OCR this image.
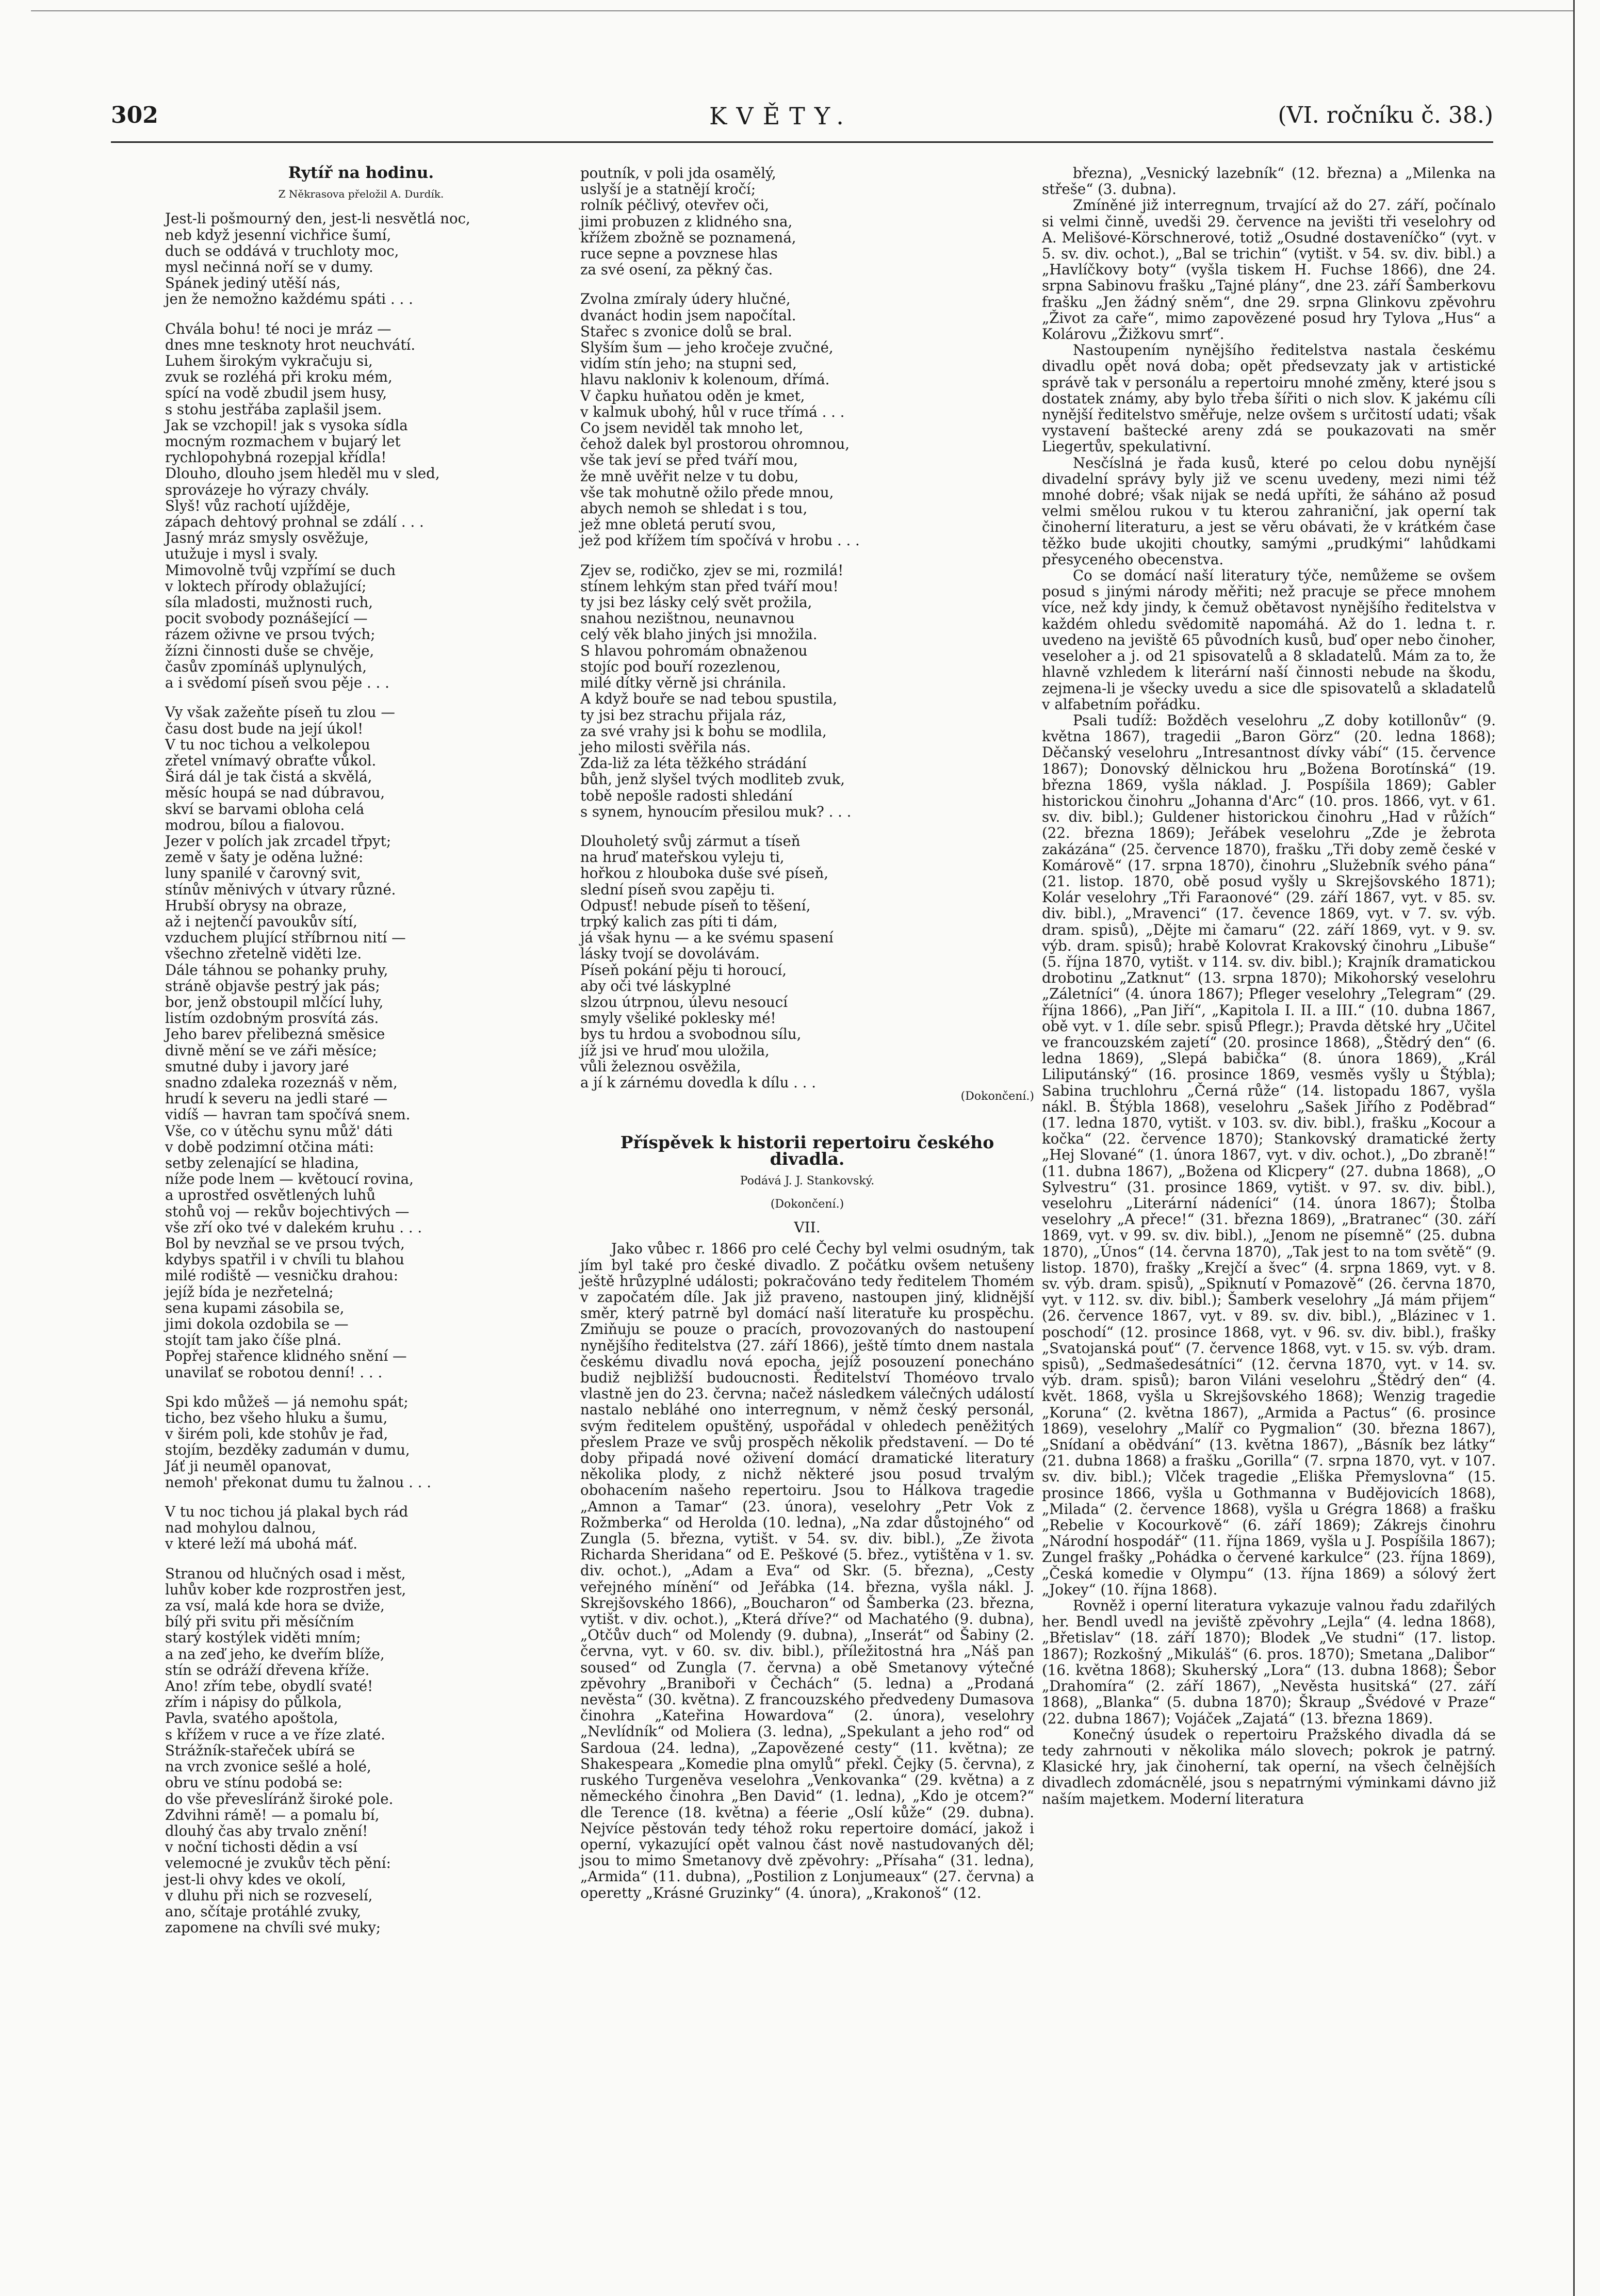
302	KVĚTY.	(VI. ročníku č. 38.)
Rytíř na hodinu.
Z Někrasova přeložil A. Durdík.
Jest-li pošmourný den, jest-li nesvětlá noc,
neb když jesenní vichřice šumí,
duch se oddává v truchloty moc,
mysl nečinná noří se v dumy.
Spánek jediný utěší nás,
jen že nemožno každému spáti . . .
Chvála bohu! té noci je mráz —
dnes mne tesknoty hrot neuchvátí.
Luhem širokým vykračuju si,
zvuk se rozléhá při kroku mém,
spící na vodě zbudil jsem husy,
s stohu jestřába zaplašil jsem.
Jak se vzchopil! jak s vysoka sídla
mocným rozmachem v bujarý let
rychlopohybná rozepjal křídla!
Dlouho, dlouho jsem hleděl mu v sled,
sprovázeje ho výrazy chvály.
Slyš! vůz rachotí ujížděje,
zápach dehtový prohnal se zdálí . . .
Jasný mráz smysly osvěžuje,
utužuje i mysl i svaly.
Mimovolně tvůj vzpřímí se duch
v loktech přírody oblažující;
síla mladosti, mužnosti ruch,
pocit svobody poznášející —
rázem oživne ve prsou tvých;
žízni činnosti duše se chvěje,
časův zpomínáš uplynulých,
a i svědomí píseň svou pěje . . .
Vy však zažeňte píseň tu zlou —
času dost bude na její úkol!
V tu noc tichou a velkolepou
zřetel vnímavý obraťte vůkol.
Širá dál je tak čistá a skvělá,
měsíc houpá se nad dúbravou,
skví se barvami obloha celá
modrou, bílou a fialovou.
Jezer v polích jak zrcadel třpyt;
země v šaty je oděna lužné:
luny spanilé v čarovný svit,
stínův měnivých v útvary různé.
Hrubší obrysy na obraze,
až i nejtenčí pavoukův sítí,
vzduchem plující stříbrnou nití —
všechno zřetelně viděti lze.
Dále táhnou se pohanky pruhy,
stráně objavše pestrý jak pás;
bor, jenž obstoupil mlčící luhy,
listím ozdobným prosvítá zás.
Jeho barev přelibezná směsice
divně mění se ve záři měsíce;
smutné duby i javory jaré
snadno zdaleka rozeznáš v něm,
hrudí k severu na jedli staré —
vidíš — havran tam spočívá snem.
Vše, co v útěchu synu můž' dáti
v době podzimní otčina máti:
setby zelenající se hladina,
níže pode lnem — květoucí rovina,
a uprostřed osvětlených luhů
stohů voj — rekův bojechtivých —
vše zří oko tvé v dalekém kruhu . . .
Bol by nevzňal se ve prsou tvých,
kdybys spatřil i v chvíli tu blahou
milé rodiště — vesničku drahou:
jejíž bída je nezřetelná;
sena kupami zásobila se,
jimi dokola ozdobila se —
stojít tam jako číše plná.
Popřej stařence klidného snění —
unavilať se robotou denní! . . .
Spi kdo můžeš — já nemohu spát;
ticho, bez všeho hluku a šumu,
v širém poli, kde stohův je řad,
stojím, bezděky zadumán v dumu,
Jáť ji neuměl opanovat,
nemoh' překonat dumu tu žalnou . . .
V tu noc tichou já plakal bych rád
nad mohylou dalnou,
v které leží má ubohá máť.
Stranou od hlučných osad i měst,
luhův kober kde rozprostřen jest,
za vsí, malá kde hora se dviže,
bílý při svitu při měsíčním
starý kostýlek viděti mním;
a na zeď jeho, ke dveřím blíže,
stín se odráží dřevena kříže.
Ano! zřím tebe, obydlí svaté!
zřím i nápisy do půlkola,
Pavla, svatého apoštola,
s křížem v ruce a ve říze zlaté.
Strážník-stařeček ubírá se
na vrch zvonice sešlé a holé,
obru ve stínu podobá se:
do vše převeslíránž široké pole.
Zdvihni rámě! — a pomalu bí,
dlouhý čas aby trvalo znění!
v noční tichosti dědin a vsí
velemocné je zvukův těch pění:
jest-li ohvy kdes ve okolí,
v dluhu při nich se rozveselí,
ano, sčítaje protáhlé zvuky,
zapomene na chvíli své muky;
poutník, v poli jda osamělý,
uslyší je a statnějí kročí;
rolník péčlivý, otevřev oči,
jimi probuzen z klidného sna,
křížem zbožně se poznamená,
ruce sepne a povznese hlas
za své osení, za pěkný čas.
Zvolna zmíraly údery hlučné,
dvanáct hodin jsem napočítal.
Stařec s zvonice dolů se bral.
Slyším šum — jeho kročeje zvučné,
vidím stín jeho; na stupni sed,
hlavu nakloniv k kolenoum, dřímá.
V čapku huňatou oděn je kmet,
v kalmuk ubohý, hůl v ruce třímá . . .
Co jsem neviděl tak mnoho let,
čehož dalek byl prostorou ohromnou,
vše tak jeví se před tváří mou,
že mně uvěřit nelze v tu dobu,
vše tak mohutně ožilo přede mnou,
abych nemoh se shledat i s tou,
jež mne obletá perutí svou,
jež pod křížem tím spočívá v hrobu . . .
Zjev se, rodičko, zjev se mi, rozmilá!
stínem lehkým stan před tváří mou!
ty jsi bez lásky celý svět prožila,
snahou nezištnou, neunavnou
celý věk blaho jiných jsi množila.
S hlavou pohromám obnaženou
stojíc pod bouří rozezlenou,
milé dítky věrně jsi chránila.
A když bouře se nad tebou spustila,
ty jsi bez strachu přijala ráz,
za své vrahy jsi k bohu se modlila,
jeho milosti svěřila nás.
Zda-liž za léta těžkého strádání
bůh, jenž slyšel tvých modliteb zvuk,
tobě nepošle radosti shledání
s synem, hynoucím přesilou muk? . . .
Dlouholetý svůj zármut a tíseň
na hruď mateřskou vyleju ti,
hořkou z hlouboka duše své píseň,
slední píseň svou zapěju ti.
Odpusť! nebude píseň to těšení,
trpký kalich zas píti ti dám,
já však hynu — a ke svému spasení
lásky tvojí se dovolávám.
Píseň pokání pěju ti horoucí,
aby oči tvé láskyplné
slzou útrpnou, úlevu nesoucí
smyly všeliké poklesky mé!
bys tu hrdou a svobodnou sílu,
jíž jsi ve hruď mou uložila,
vůli železnou osvěžila,
a jí k zárnému dovedla k dílu . . .
(Dokončení.)
Příspěvek k historii repertoiru českého divadla.
Podává J. J. Stankovský.
(Dokončení.)
VII.
Jako vůbec r. 1866 pro celé Čechy byl velmi osudným, tak jím byl také pro české divadlo. Z počátku ovšem netušeny ještě hrůzyplné události; pokračováno tedy ředitelem Thomém v započatém díle. Jak již praveno, nastoupen jiný, klidnější směr, který patrně byl domácí naší literatuře ku prospěchu. Zmiňuju se pouze o pracích, provozovaných do nastoupení nynějšího ředitelstva (27. září 1866), ještě tímto dnem nastala českému divadlu nová epocha, jejíž posouzení ponecháno budiž nejbližší budoucnosti. Ředitelství Thoméovo trvalo vlastně jen do 23. června; načež následkem válečných událostí nastalo nebláhé ono interregnum, v němž český personál, svým ředitelem opuštěný, uspořádal v ohledech peněžitých přeslem Praze ve svůj prospěch několik představení. — Do té doby připadá nové oživení domácí dramatické literatury několika plody, z nichž některé jsou posud trvalým obohacením našeho repertoiru. Jsou to Hálkova tragedie „Amnon a Tamar“ (23. února), veselohry „Petr Vok z Rožmberka“ od Herolda (10. ledna), „Na zdar důstojného“ od Zungla (5. března, vytišt. v 54. sv. div. bibl.), „Ze života Richarda Sheridana“ od E. Peškové (5. břez., vytištěna v 1. sv. div. ochot.), „Adam a Eva“ od Skr. (5. března), „Cesty veřejného mínění“ od Jeřábka (14. března, vyšla nákl. J. Skrejšovského 1866), „Boucharon“ od Šamberka (23. března, vytišt. v div. ochot.), „Která dříve?“ od Machatého (9. dubna), „Otčův duch“ od Molendy (9. dubna), „Inserát“ od Šabiny (2. června, vyt. v 60. sv. div. bibl.), příležitostná hra „Náš pan soused“ od Zungla (7. června) a obě Smetanovy výtečné zpěvohry „Braniboři v Čechách“ (5. ledna) a „Prodaná nevěsta“ (30. května). Z francouzského předvedeny Dumasova činohra „Kateřina Howardova“ (2. února), veselohry „Nevlídník“ od Moliera (3. ledna), „Spekulant a jeho rod“ od Sardoua (24. ledna), „Zapovězené cesty“ (11. května); ze Shakespeara „Komedie plna omylů“ překl. Čejky (5. června), z ruského Turgeněva veselohra „Venkovanka“ (29. května) a z německého činohra „Ben David“ (1. ledna), „Kdo je otcem?“ dle Terence (18. května) a féerie „Oslí kůže“ (29. dubna). Nejvíce pěstován tedy téhož roku repertoire domácí, jakož i operní, vykazující opět valnou část nově nastudovaných děl; jsou to mimo Smetanovy dvě zpěvohry: „Přísaha“ (31. ledna), „Armida“ (11. dubna), „Postilion z Lonjumeaux“ (27. června) a operetty „Krásné Gruzinky“ (4. února), „Krakonoš“ (12.
března), „Vesnický lazebník“ (12. března) a „Milenka na střeše“ (3. dubna).
Zmíněné již interregnum, trvající až do 27. září, počínalo si velmi činně, uvedši 29. července na jevišti tři veselohry od A. Melišové-Körschnerové, totiž „Osudné dostaveníčko“ (vyt. v 5. sv. div. ochot.), „Bal se trichin“ (vytišt. v 54. sv. div. bibl.) a „Havlíčkovy boty“ (vyšla tiskem H. Fuchse 1866), dne 24. srpna Sabinovu frašku „Tajné plány“, dne 23. září Šamberkovu frašku „Jen žádný sněm“, dne 29. srpna Glinkovu zpěvohru „Život za caře“, mimo zapovězené posud hry Tylova „Hus“ a Kolárovu „Žižkovu smrť“.
Nastoupením nynějšího ředitelstva nastala českému divadlu opět nová doba; opět předsevzaty jak v artistické správě tak v personálu a repertoiru mnohé změny, které jsou s dostatek známy, aby bylo třeba šířiti o nich slov. K jakému cíli nynější ředitelstvo směřuje, nelze ovšem s určitostí udati; však vystavení baštecké areny zdá se poukazovati na směr Liegertův, spekulativní.
Nesčíslná je řada kusů, které po celou dobu nynější divadelní správy byly již ve scenu uvedeny, mezi nimi též mnohé dobré; však nijak se nedá upříti, že sáháno až posud velmi smělou rukou v tu kterou zahraniční, jak operní tak činoherní literaturu, a jest se věru obávati, že v krátkém čase těžko bude ukojiti choutky, samými „prudkými“ lahůdkami přesyceného obecenstva.
Co se domácí naší literatury týče, nemůžeme se ovšem posud s jinými národy měřiti; než pracuje se přece mnohem více, než kdy jindy, k čemuž obětavost nynějšího ředitelstva v každém ohledu svědomitě napomáhá. Až do 1. ledna t. r. uvedeno na jeviště 65 původních kusů, buď oper nebo činoher, veseloher a j. od 21 spisovatelů a 8 skladatelů. Mám za to, že hlavně vzhledem k literární naší činnosti nebude na škodu, zejmena-li je všecky uvedu a sice dle spisovatelů a skladatelů v alfabetním pořádku.
Psali tudíž: Božděch veselohru „Z doby kotillonův“ (9. května 1867), tragedii „Baron Görz“ (20. ledna 1868); Děčanský veselohru „Intresantnost dívky vábí“ (15. července 1867); Donovský dělnickou hru „Božena Borotínská“ (19. března 1869, vyšla náklad. J. Pospíšila 1869); Gabler historickou činohru „Johanna d'Arc“ (10. pros. 1866, vyt. v 61. sv. div. bibl.); Guldener historickou činohru „Had v růžích“ (22. března 1869); Jeřábek veselohru „Zde je žebrota zakázána“ (25. července 1870), frašku „Tři doby země české v Komárově“ (17. srpna 1870), činohru „Služebník svého pána“ (21. listop. 1870, obě posud vyšly u Skrejšovského 1871); Kolár veselohry „Tři Faraonové“ (29. září 1867, vyt. v 85. sv. div. bibl.), „Mravenci“ (17. čevence 1869, vyt. v 7. sv. výb. dram. spisů), „Dějte mi čamaru“ (22. září 1869, vyt. v 9. sv. výb. dram. spisů); hrabě Kolovrat Krakovský činohru „Libuše“ (5. října 1870, vytišt. v 114. sv. div. bibl.); Krajník dramatickou drobotinu „Zatknut“ (13. srpna 1870); Mikohorský veselohru „Záletníci“ (4. února 1867); Pfleger veselohry „Telegram“ (29. října 1866), „Pan Jiří“, „Kapitola I. II. a III.“ (10. dubna 1867, obě vyt. v 1. díle sebr. spisů Pflegr.); Pravda dětské hry „Učitel ve francouzském zajetí“ (20. prosince 1868), „Štědrý den“ (6. ledna 1869), „Slepá babička“ (8. února 1869), „Král Liliputánský“ (16. prosince 1869, vesměs vyšly u Štýbla); Sabina truchlohru „Černá růže“ (14. listopadu 1867, vyšla nákl. B. Štýbla 1868), veselohru „Sašek Jiřího z Poděbrad“ (17. ledna 1870, vytišt. v 103. sv. div. bibl.), frašku „Kocour a kočka“ (22. července 1870); Stankovský dramatické žerty „Hej Slované“ (1. února 1867, vyt. v div. ochot.), „Do zbraně!“ (11. dubna 1867), „Božena od Klicpery“ (27. dubna 1868), „O Sylvestru“ (31. prosince 1869, vytišt. v 97. sv. div. bibl.), veselohru „Literární nádeníci“ (14. února 1867); Štolba veselohry „A přece!“ (31. března 1869), „Bratranec“ (30. září 1869, vyt. v 99. sv. div. bibl.), „Jenom ne písemně“ (25. dubna 1870), „Únos“ (14. června 1870), „Tak jest to na tom světě“ (9. listop. 1870), frašky „Krejčí a švec“ (4. srpna 1869, vyt. v 8. sv. výb. dram. spisů), „Spiknutí v Pomazově“ (26. června 1870, vyt. v 112. sv. div. bibl.); Šamberk veselohry „Já mám přijem“ (26. července 1867, vyt. v 89. sv. div. bibl.), „Blázinec v 1. poschodí“ (12. prosince 1868, vyt. v 96. sv. div. bibl.), frašky „Svatojanská pouť“ (7. července 1868, vyt. v 15. sv. výb. dram. spisů), „Sedmašedesátníci“ (12. června 1870, vyt. v 14. sv. výb. dram. spisů); baron Viláni veselohru „Štědrý den“ (4. květ. 1868, vyšla u Skrejšovského 1868); Wenzig tragedie „Koruna“ (2. května 1867), „Armida a Pactus“ (6. prosince 1869), veselohry „Malíř co Pygmalion“ (30. března 1867), „Snídaní a obědvání“ (13. května 1867), „Básník bez látky“ (21. dubna 1868) a frašku „Gorilla“ (7. srpna 1870, vyt. v 107. sv. div. bibl.); Vlček tragedie „Eliška Přemyslovna“ (15. prosince 1866, vyšla u Gothmanna v Budějovicích 1868), „Milada“ (2. července 1868), vyšla u Grégra 1868) a frašku „Rebelie v Kocourkově“ (6. září 1869); Zákrejs činohru „Národní hospodář“ (11. října 1869, vyšla u J. Pospíšila 1867); Zungel frašky „Pohádka o červené karkulce“ (23. října 1869), „Česká komedie v Olympu“ (13. října 1869) a sólový žert „Jokey“ (10. října 1868).
Rovněž i operní literatura vykazuje valnou řadu zdařilých her. Bendl uvedl na jeviště zpěvohry „Lejla“ (4. ledna 1868), „Břetislav“ (18. září 1870); Blodek „Ve studni“ (17. listop. 1867); Rozkošný „Mikuláš“ (6. pros. 1870); Smetana „Dalibor“ (16. května 1868); Skuherský „Lora“ (13. dubna 1868); Šebor „Drahomíra“ (2. září 1867), „Nevěsta husitská“ (27. září 1868), „Blanka“ (5. dubna 1870); Škraup „Švédové v Praze“ (22. dubna 1867); Vojáček „Zajatá“ (13. března 1869).
Konečný úsudek o repertoiru Pražského divadla dá se tedy zahrnouti v několika málo slovech; pokrok je patrný. Klasické hry, jak činoherní, tak operní, na všech čelnějších divadlech zdomácnělé, jsou s nepatrnými výminkami dávno již naším majetkem. Moderní literatura
